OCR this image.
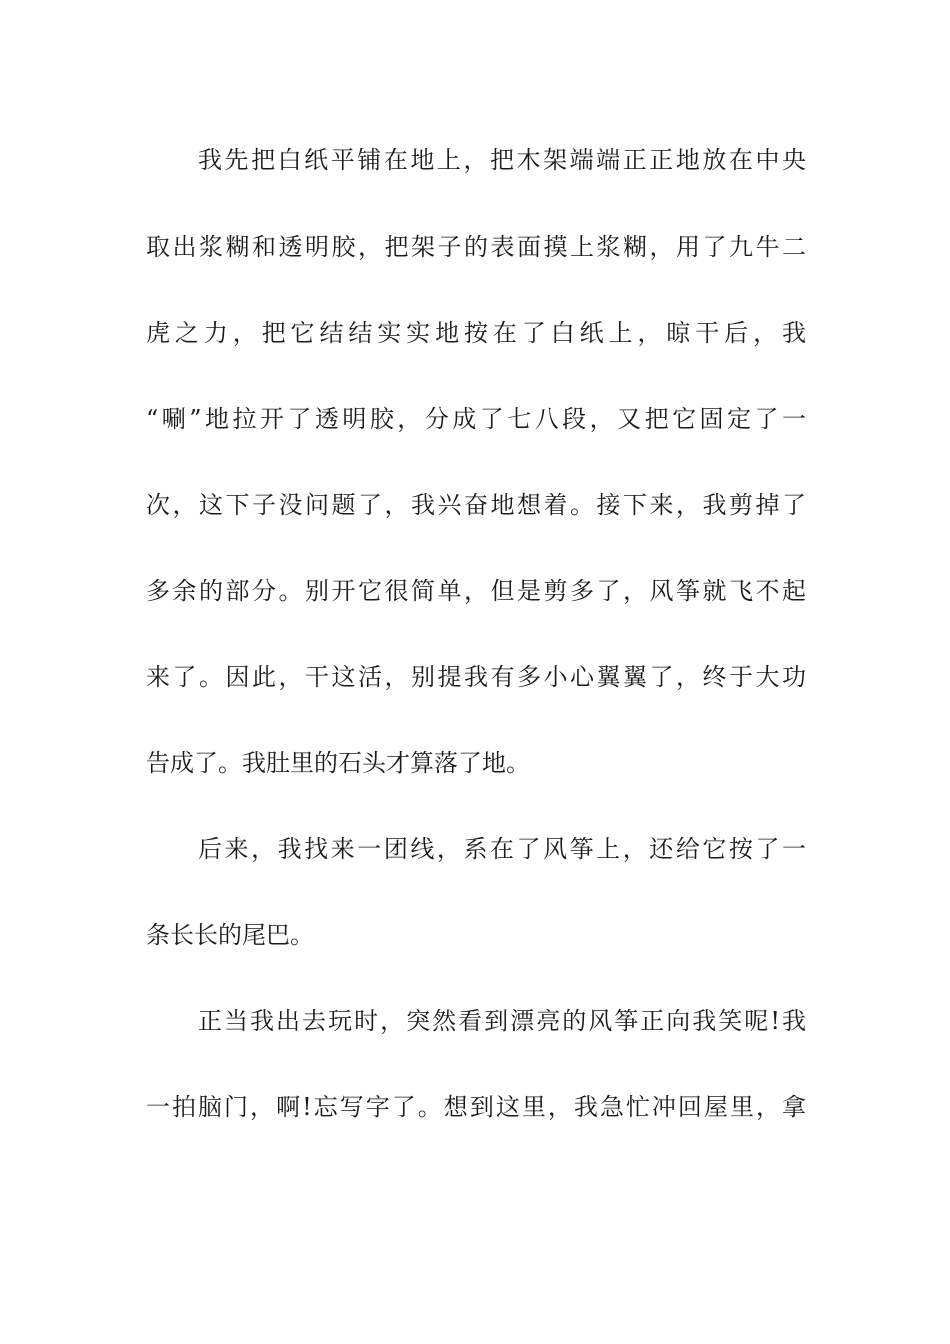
我先把白纸平铺在地上，把木架端端正正地放在中央
取出浆糊和透明胶，把架子的表面摸上浆糊，用了九牛二
虎之力，把它结结实实地按在了白纸上，晾干后，我
“唰”地拉开了透明胶，分成了七八段，又把它固定了一
次，这下子没问题了，我兴奋地想着。接下来，我剪掉了
多余的部分。别开它很简单，但是剪多了，风筝就飞不起
来了。因此，干这活，别提我有多小心翼翼了，终于大功
告成了。我肚里的石头才算落了地。
后来，我找来一团线，系在了风筝上，还给它按了一
条长长的尾巴。
正当我出去玩时，突然看到漂亮的风筝正向我笑呢!我
一拍脑门，啊!忘写字了。想到这里，我急忙冲回屋里，拿
